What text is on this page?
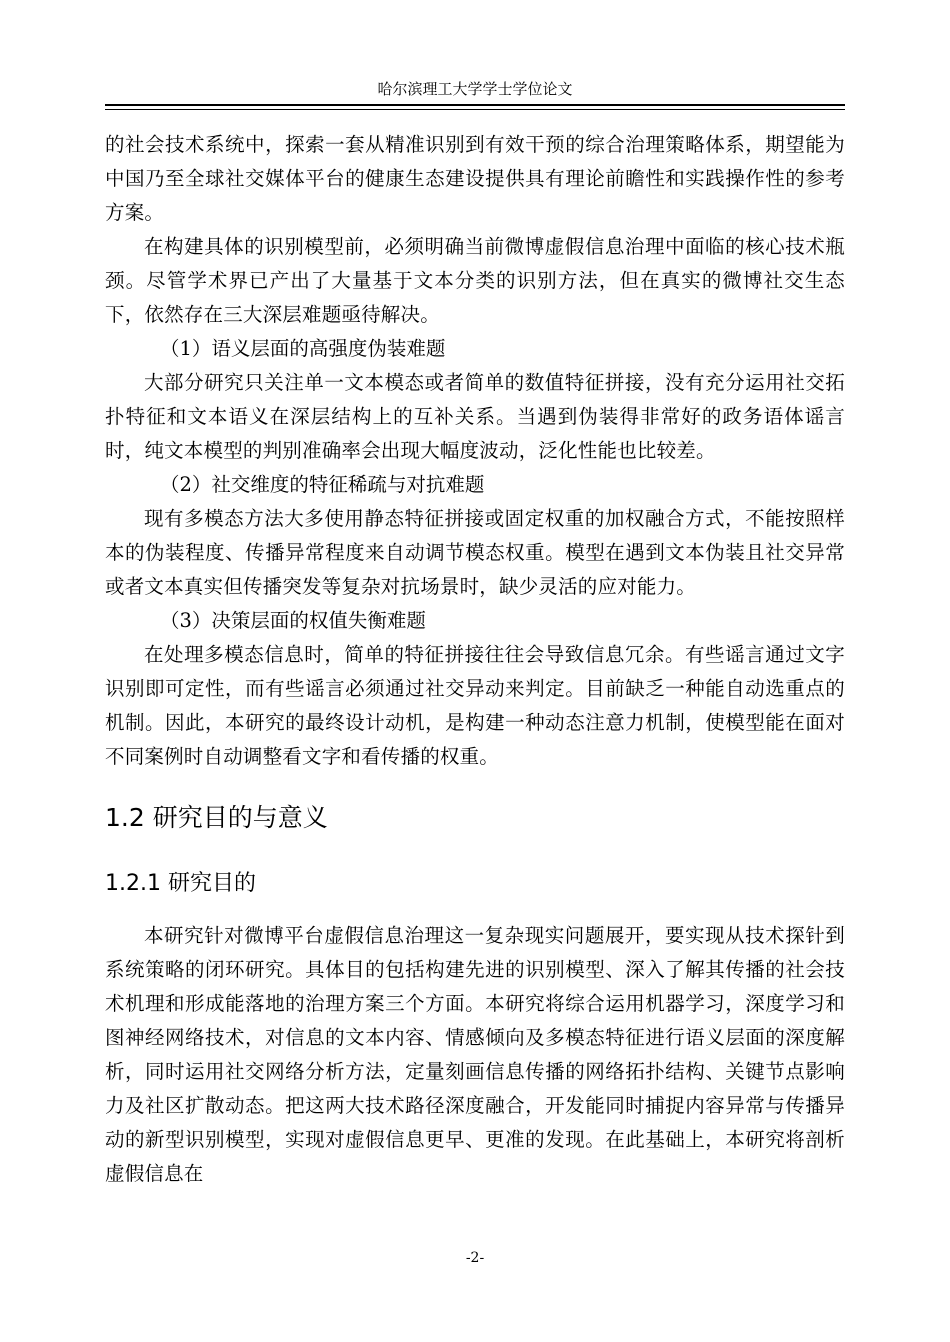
哈尔滨理工大学学士学位论文

的社会技术系统中，探索一套从精准识别到有效干预的综合治理策略体系，期望能为中国乃至全球社交媒体平台的健康生态建设提供具有理论前瞻性和实践操作性的参考方案。

在构建具体的识别模型前，必须明确当前微博虚假信息治理中面临的核心技术瓶颈。尽管学术界已产出了大量基于文本分类的识别方法，但在真实的微博社交生态下，依然存在三大深层难题亟待解决。

（1）语义层面的高强度伪装难题

大部分研究只关注单一文本模态或者简单的数值特征拼接，没有充分运用社交拓扑特征和文本语义在深层结构上的互补关系。当遇到伪装得非常好的政务语体谣言时，纯文本模型的判别准确率会出现大幅度波动，泛化性能也比较差。

（2）社交维度的特征稀疏与对抗难题

现有多模态方法大多使用静态特征拼接或固定权重的加权融合方式，不能按照样本的伪装程度、传播异常程度来自动调节模态权重。模型在遇到文本伪装且社交异常或者文本真实但传播突发等复杂对抗场景时，缺少灵活的应对能力。

（3）决策层面的权值失衡难题

在处理多模态信息时，简单的特征拼接往往会导致信息冗余。有些谣言通过文字识别即可定性，而有些谣言必须通过社交异动来判定。目前缺乏一种能自动选重点的机制。因此，本研究的最终设计动机，是构建一种动态注意力机制，使模型能在面对不同案例时自动调整看文字和看传播的权重。

1.2 研究目的与意义
1.2.1 研究目的

本研究针对微博平台虚假信息治理这一复杂现实问题展开，要实现从技术探针到系统策略的闭环研究。具体目的包括构建先进的识别模型、深入了解其传播的社会技术机理和形成能落地的治理方案三个方面。本研究将综合运用机器学习，深度学习和图神经网络技术，对信息的文本内容、情感倾向及多模态特征进行语义层面的深度解析，同时运用社交网络分析方法，定量刻画信息传播的网络拓扑结构、关键节点影响力及社区扩散动态。把这两大技术路径深度融合，开发能同时捕捉内容异常与传播异动的新型识别模型，实现对虚假信息更早、更准的发现。在此基础上，本研究将剖析虚假信息在

-2-
